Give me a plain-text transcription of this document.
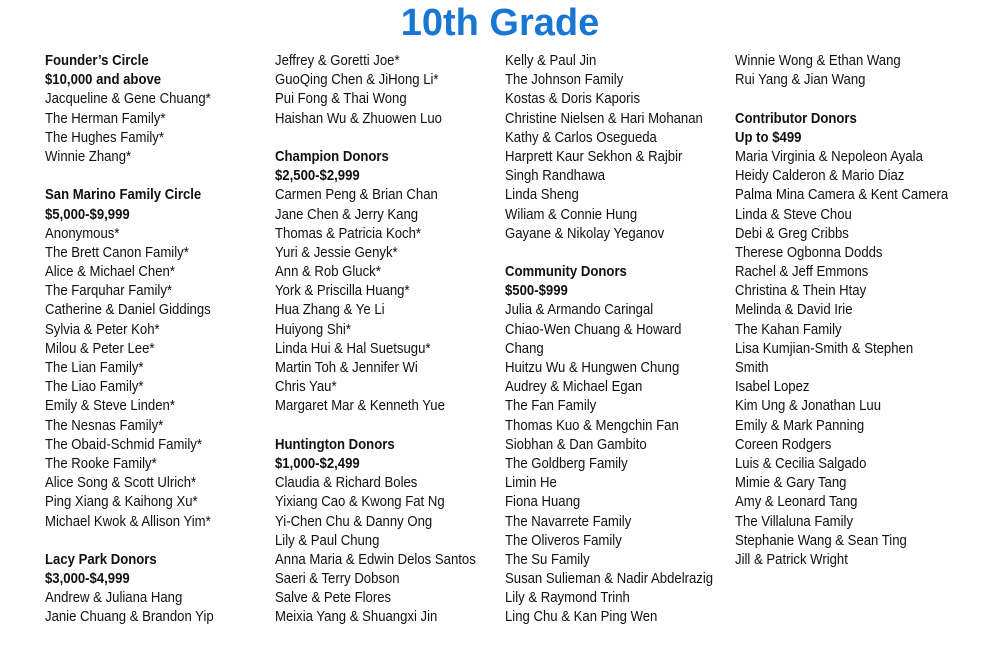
10th Grade
Founder’s Circle
$10,000 and above
Jacqueline & Gene Chuang*
The Herman Family*
The Hughes Family*
Winnie Zhang*
San Marino Family Circle
$5,000-$9,999
Anonymous*
The Brett Canon Family*
Alice & Michael Chen*
The Farquhar Family*
Catherine & Daniel Giddings
Sylvia & Peter Koh*
Milou & Peter Lee*
The Lian Family*
The Liao Family*
Emily & Steve Linden*
The Nesnas Family*
The Obaid-Schmid Family*
The Rooke Family*
Alice Song & Scott Ulrich*
Ping Xiang & Kaihong Xu*
Michael Kwok & Allison Yim*
Lacy Park Donors
$3,000-$4,999
Andrew & Juliana Hang
Janie Chuang & Brandon Yip
Jeffrey & Goretti Joe*
GuoQing Chen & JiHong Li*
Pui Fong & Thai Wong
Haishan Wu & Zhuowen Luo
Champion Donors
$2,500-$2,999
Carmen Peng & Brian Chan
Jane Chen & Jerry Kang
Thomas & Patricia Koch*
Yuri & Jessie Genyk*
Ann & Rob Gluck*
York & Priscilla Huang*
Hua Zhang & Ye Li
Huiyong Shi*
Linda Hui & Hal Suetsugu*
Martin Toh & Jennifer Wi
Chris Yau*
Margaret Mar & Kenneth Yue
Huntington Donors
$1,000-$2,499
Claudia & Richard Boles
Yixiang Cao & Kwong Fat Ng
Yi-Chen Chu & Danny Ong
Lily & Paul Chung
Anna Maria & Edwin Delos Santos
Saeri & Terry Dobson
Salve & Pete Flores
Meixia Yang & Shuangxi Jin
Kelly & Paul Jin
The Johnson Family
Kostas & Doris Kaporis
Christine Nielsen & Hari Mohanan
Kathy & Carlos Osegueda
Harprett Kaur Sekhon & Rajbir
Singh Randhawa
Linda Sheng
Wiliam & Connie Hung
Gayane & Nikolay Yeganov
Community Donors
$500-$999
Julia & Armando Caringal
Chiao-Wen Chuang & Howard
Chang
Huitzu Wu & Hungwen Chung
Audrey & Michael Egan
The Fan Family
Thomas Kuo & Mengchin Fan
Siobhan & Dan Gambito
The Goldberg Family
Limin He
Fiona Huang
The Navarrete Family
The Oliveros Family
The Su Family
Susan Sulieman & Nadir Abdelrazig
Lily & Raymond Trinh
Ling Chu & Kan Ping Wen
Winnie Wong & Ethan Wang
Rui Yang & Jian Wang
Contributor Donors
Up to $499
Maria Virginia & Nepoleon Ayala
Heidy Calderon & Mario Diaz
Palma Mina Camera & Kent Camera
Linda & Steve Chou
Debi & Greg Cribbs
Therese Ogbonna Dodds
Rachel & Jeff Emmons
Christina & Thein Htay
Melinda & David Irie
The Kahan Family
Lisa Kumjian-Smith & Stephen
Smith
Isabel Lopez
Kim Ung & Jonathan Luu
Emily & Mark Panning
Coreen Rodgers
Luis & Cecilia Salgado
Mimie & Gary Tang
Amy & Leonard Tang
The Villaluna Family
Stephanie Wang & Sean Ting
Jill & Patrick Wright
